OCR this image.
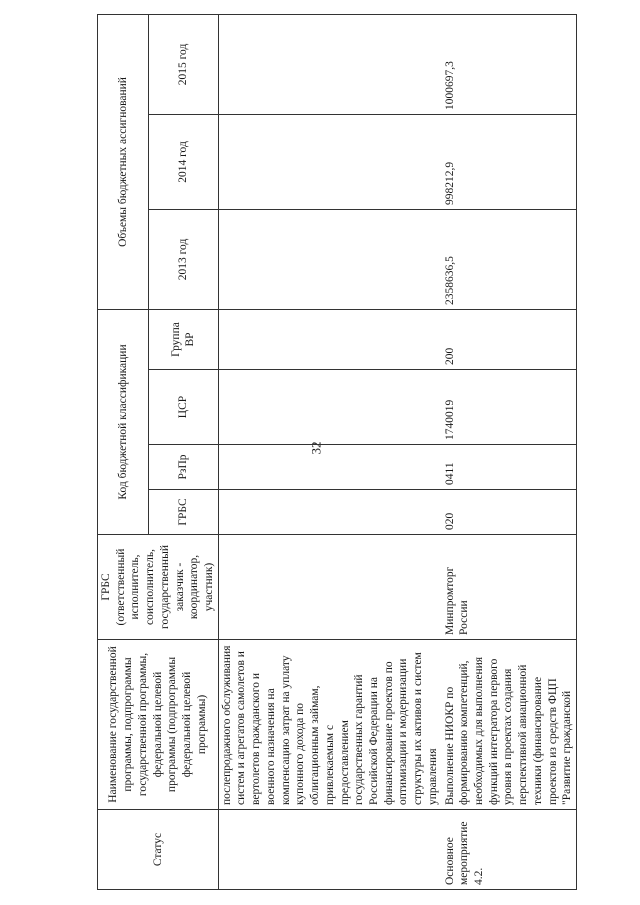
32
Статус	Наименование государственной программы, подпрограммы государственной программы, федеральной целевой программы (подпрограммы федеральной целевой программы)	ГРБС (ответственный исполнитель, соисполнитель, государственный заказчик - координатор, участник)	Код бюджетной классификации				Объемы бюджетных ассигнований		
			ГРБС	РзПр	ЦСР	Группа ВР	2013 год	2014 год	2015 год
	послепродажного обслуживания систем и агрегатов самолетов и вертолетов гражданского и военного назначения на компенсацию затрат на уплату купонного дохода по облигационным займам, привлекаемым с предоставлением государственных гарантий Российской Федерации на финансирование проектов по оптимизации и модернизации структуры их активов и систем управления								
Основное мероприятие 4.2.	Выполнение НИОКР по формированию компетенций, необходимых для выполнения функций интегратора первого уровня в проектах создания перспективной авиационной техники (финансирование проектов из средств ФЦП "Развитие гражданской	Минпромторг России	020	0411	1740019	200	2358636,5	998212,9	1000697,3
